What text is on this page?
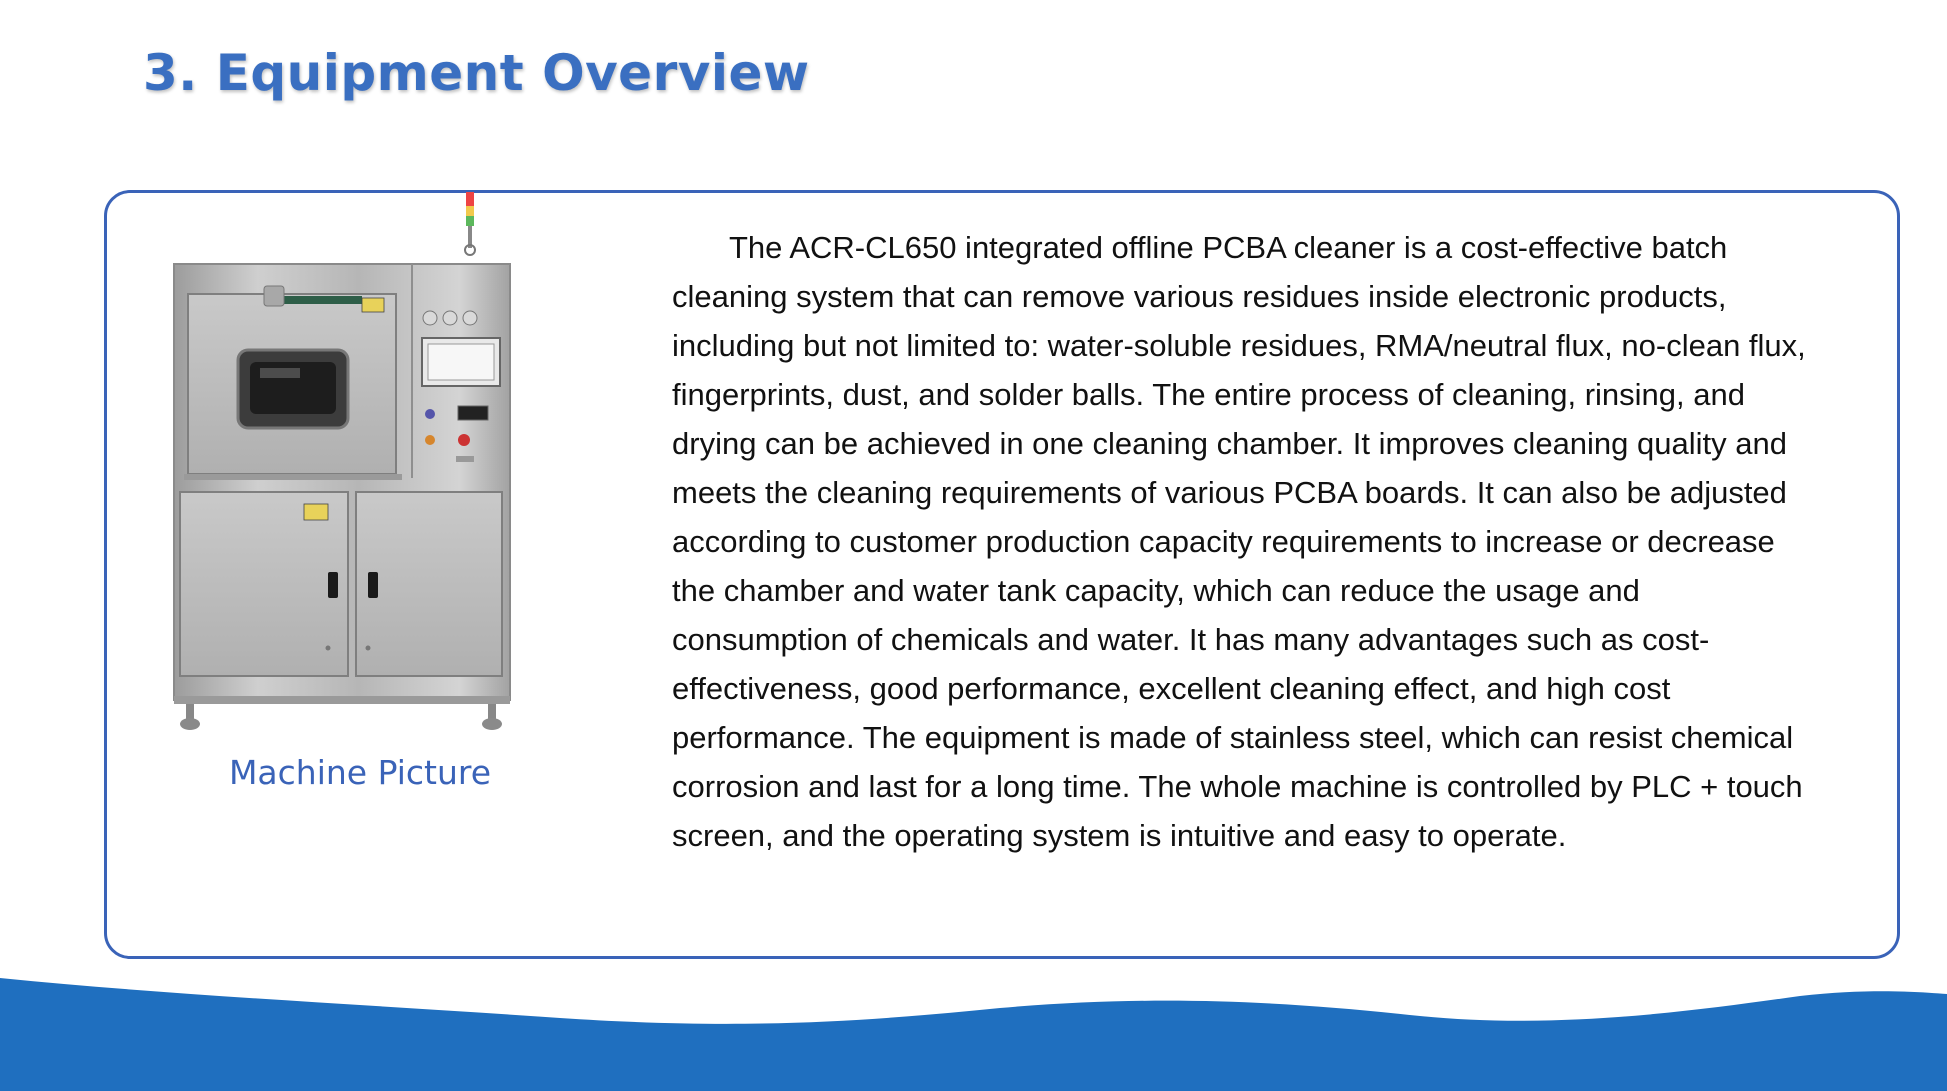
3. Equipment Overview
Machine Picture

The ACR-CL650 integrated offline PCBA cleaner is a cost-effective batch cleaning system that can remove various residues inside electronic products, including but not limited to: water-soluble residues, RMA/neutral flux, no-clean flux, fingerprints, dust, and solder balls. The entire process of cleaning, rinsing, and drying can be achieved in one cleaning chamber. It improves cleaning quality and meets the cleaning requirements of various PCBA boards. It can also be adjusted according to customer production capacity requirements to increase or decrease the chamber and water tank capacity, which can reduce the usage and consumption of chemicals and water. It has many advantages such as cost-effectiveness, good performance, excellent cleaning effect, and high cost performance. The equipment is made of stainless steel, which can resist chemical corrosion and last for a long time. The whole machine is controlled by PLC + touch screen, and the operating system is intuitive and easy to operate.
